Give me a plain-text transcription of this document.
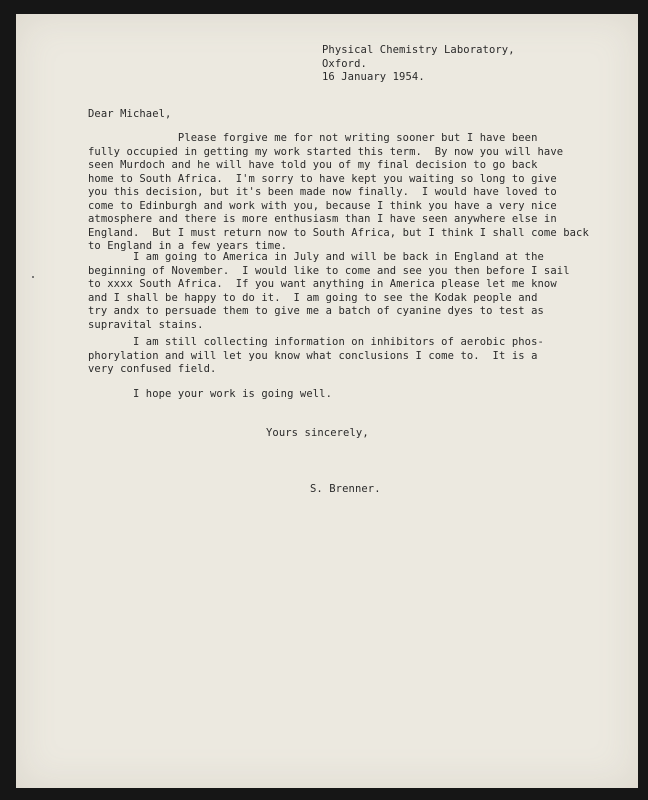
Physical Chemistry Laboratory,
Oxford.
16 January 1954.
Dear Michael,
Please forgive me for not writing sooner but I have been
fully occupied in getting my work started this term.  By now you will have
seen Murdoch and he will have told you of my final decision to go back
home to South Africa.  I'm sorry to have kept you waiting so long to give
you this decision, but it's been made now finally.  I would have loved to
come to Edinburgh and work with you, because I think you have a very nice
atmosphere and there is more enthusiasm than I have seen anywhere else in
England.  But I must return now to South Africa, but I think I shall come back
to England in a few years time.
I am going to America in July and will be back in England at the
beginning of November.  I would like to come and see you then before I sail
to xxxx South Africa.  If you want anything in America please let me know
and I shall be happy to do it.  I am going to see the Kodak people and
try andx to persuade them to give me a batch of cyanine dyes to test as
supravital stains.
I am still collecting information on inhibitors of aerobic phos-
phorylation and will let you know what conclusions I come to.  It is a
very confused field.
I hope your work is going well.
Yours sincerely,
S. Brenner.
